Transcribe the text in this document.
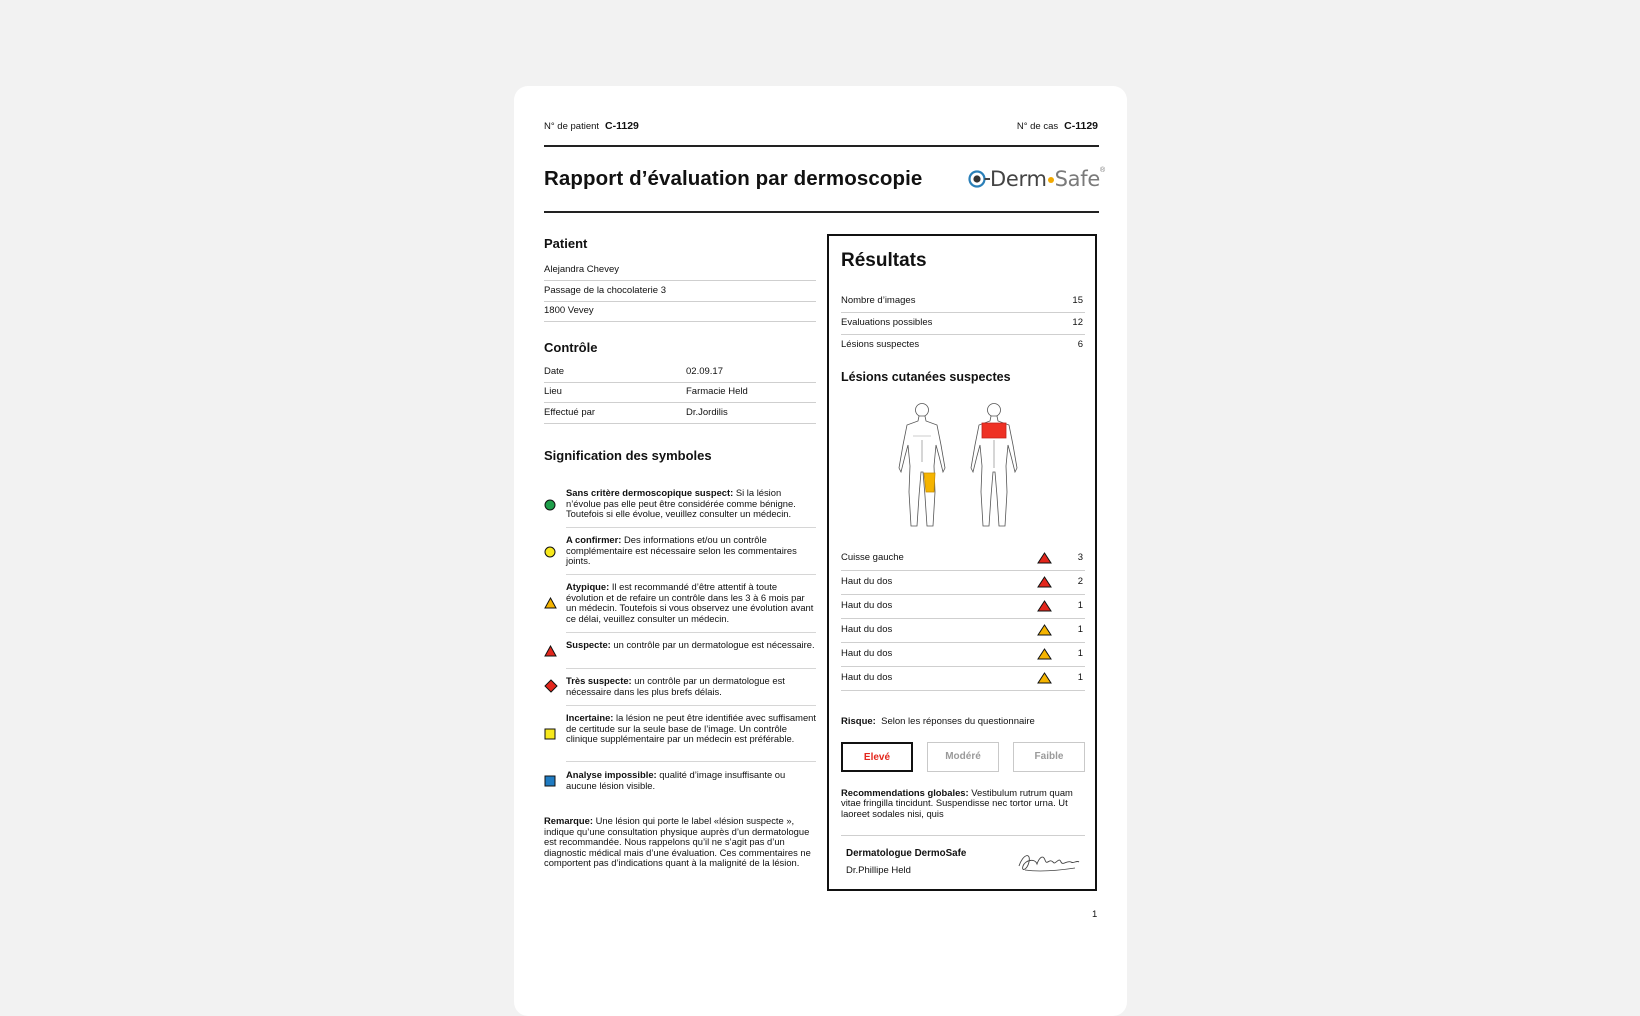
N° de patient C-1129	N° de cas C-1129
Rapport d’évaluation par dermoscopie	Derm Safe®
Patient
Alejandra Chevey
Passage de la chocolaterie 3
1800 Vevey
Contrôle
Date	02.09.17
Lieu	Farmacie Held
Effectué par	Dr.Jordilis
Signification des symboles
Sans critère dermoscopique suspect: Si la lésion n’évolue pas elle peut être considérée comme bénigne. Toutefois si elle évolue, veuillez consulter un médecin.
A confirmer: Des informations et/ou un contrôle complémentaire est nécessaire selon les commentaires joints.
Atypique: Il est recommandé d’être attentif à toute évolution et de refaire un contrôle dans les 3 à 6 mois par un médecin. Toutefois si vous observez une évolution avant ce délai, veuillez consulter un médecin.
Suspecte: un contrôle par un dermatologue est nécessaire.
Très suspecte: un contrôle par un dermatologue est nécessaire dans les plus brefs délais.
Incertaine: la lésion ne peut être identifiée avec suffisament de certitude sur la seule base de l’image. Un contrôle clinique supplémentaire par un médecin est préférable.
Analyse impossible: qualité d’image insuffisante ou aucune lésion visible.
Remarque: Une lésion qui porte le label «lésion suspecte », indique qu’une consultation physique auprès d’un dermatologue est recommandée. Nous rappelons qu’il ne s’agit pas d’un diagnostic médical mais d’une évaluation. Ces commentaires ne comportent pas d’indications quant à la malignité de la lésion.
Résultats
Nombre d’images	15
Evaluations possibles	12
Lésions suspectes	6
Lésions cutanées suspectes
Cuisse gauche	3
Haut du dos	2
Haut du dos	1
Haut du dos	1
Haut du dos	1
Haut du dos	1
Risque: Selon les réponses du questionnaire
Elevé	Modéré	Faible
Recommendations globales: Vestibulum rutrum quam vitae fringilla tincidunt. Suspendisse nec tortor urna. Ut laoreet sodales nisi, quis
Dermatologue DermoSafe
Dr.Phillipe Held
1
